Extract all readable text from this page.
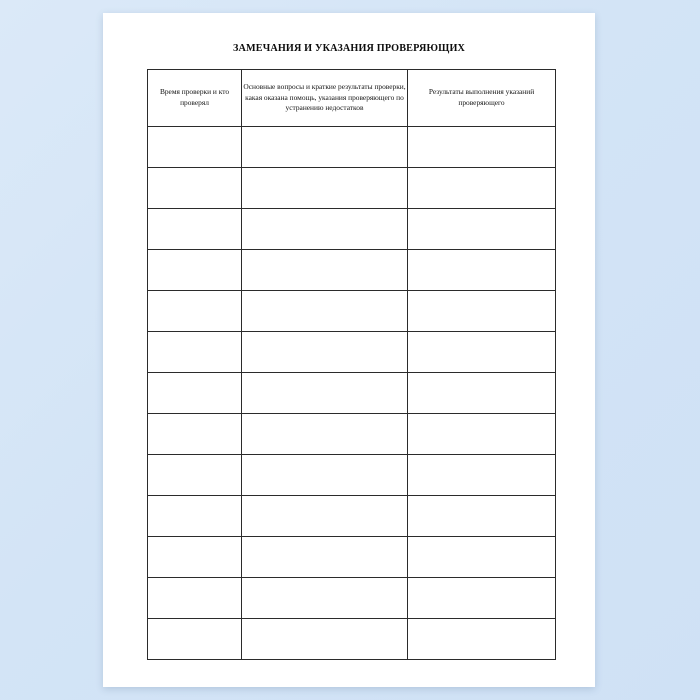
ЗАМЕЧАНИЯ И УКАЗАНИЯ ПРОВЕРЯЮЩИХ
Время проверки и кто проверял	Основные вопросы и краткие результаты проверки, какая оказана помощь, указания проверяющего по устранению недостатков	Результаты выполнения указаний проверяющего
